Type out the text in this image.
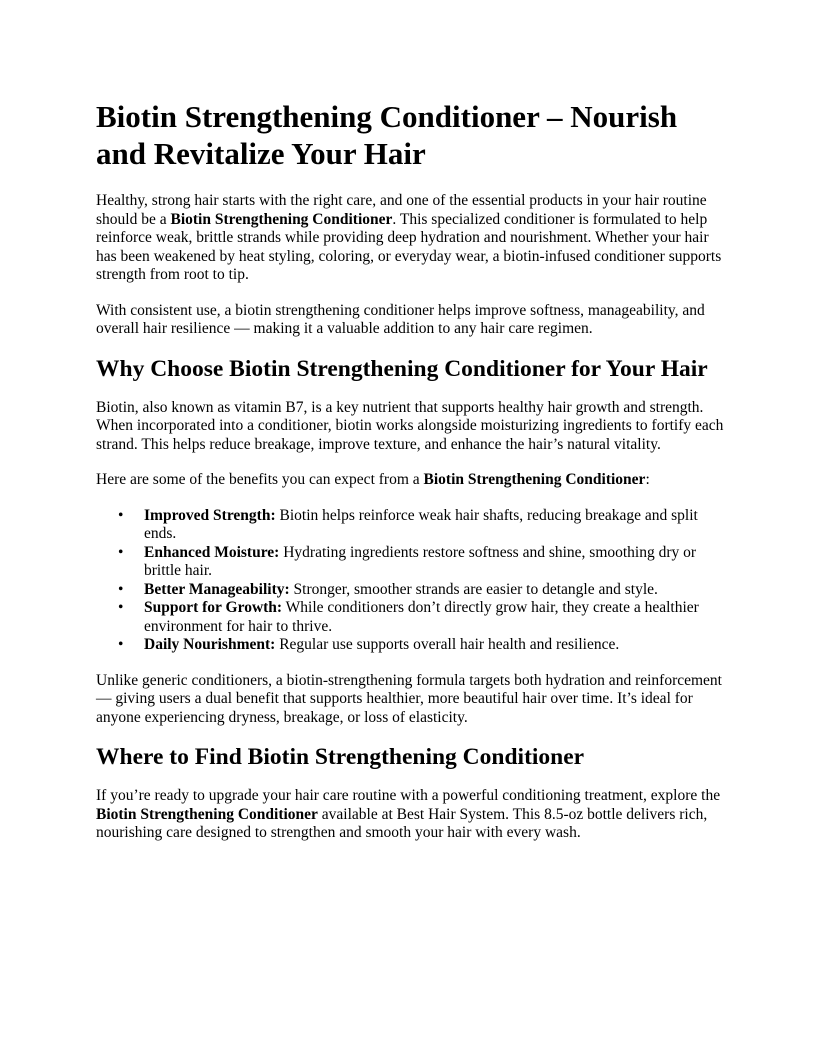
Biotin Strengthening Conditioner – Nourish and Revitalize Your Hair

Healthy, strong hair starts with the right care, and one of the essential products in your hair routine should be a Biotin Strengthening Conditioner. This specialized conditioner is formulated to help reinforce weak, brittle strands while providing deep hydration and nourishment. Whether your hair has been weakened by heat styling, coloring, or everyday wear, a biotin-infused conditioner supports strength from root to tip.

With consistent use, a biotin strengthening conditioner helps improve softness, manageability, and overall hair resilience — making it a valuable addition to any hair care regimen.

Why Choose Biotin Strengthening Conditioner for Your Hair

Biotin, also known as vitamin B7, is a key nutrient that supports healthy hair growth and strength. When incorporated into a conditioner, biotin works alongside moisturizing ingredients to fortify each strand. This helps reduce breakage, improve texture, and enhance the hair’s natural vitality.

Here are some of the benefits you can expect from a Biotin Strengthening Conditioner:

• Improved Strength: Biotin helps reinforce weak hair shafts, reducing breakage and split ends.
• Enhanced Moisture: Hydrating ingredients restore softness and shine, smoothing dry or brittle hair.
• Better Manageability: Stronger, smoother strands are easier to detangle and style.
• Support for Growth: While conditioners don’t directly grow hair, they create a healthier environment for hair to thrive.
• Daily Nourishment: Regular use supports overall hair health and resilience.

Unlike generic conditioners, a biotin-strengthening formula targets both hydration and reinforcement — giving users a dual benefit that supports healthier, more beautiful hair over time. It’s ideal for anyone experiencing dryness, breakage, or loss of elasticity.

Where to Find Biotin Strengthening Conditioner

If you’re ready to upgrade your hair care routine with a powerful conditioning treatment, explore the Biotin Strengthening Conditioner available at Best Hair System. This 8.5-oz bottle delivers rich, nourishing care designed to strengthen and smooth your hair with every wash.
